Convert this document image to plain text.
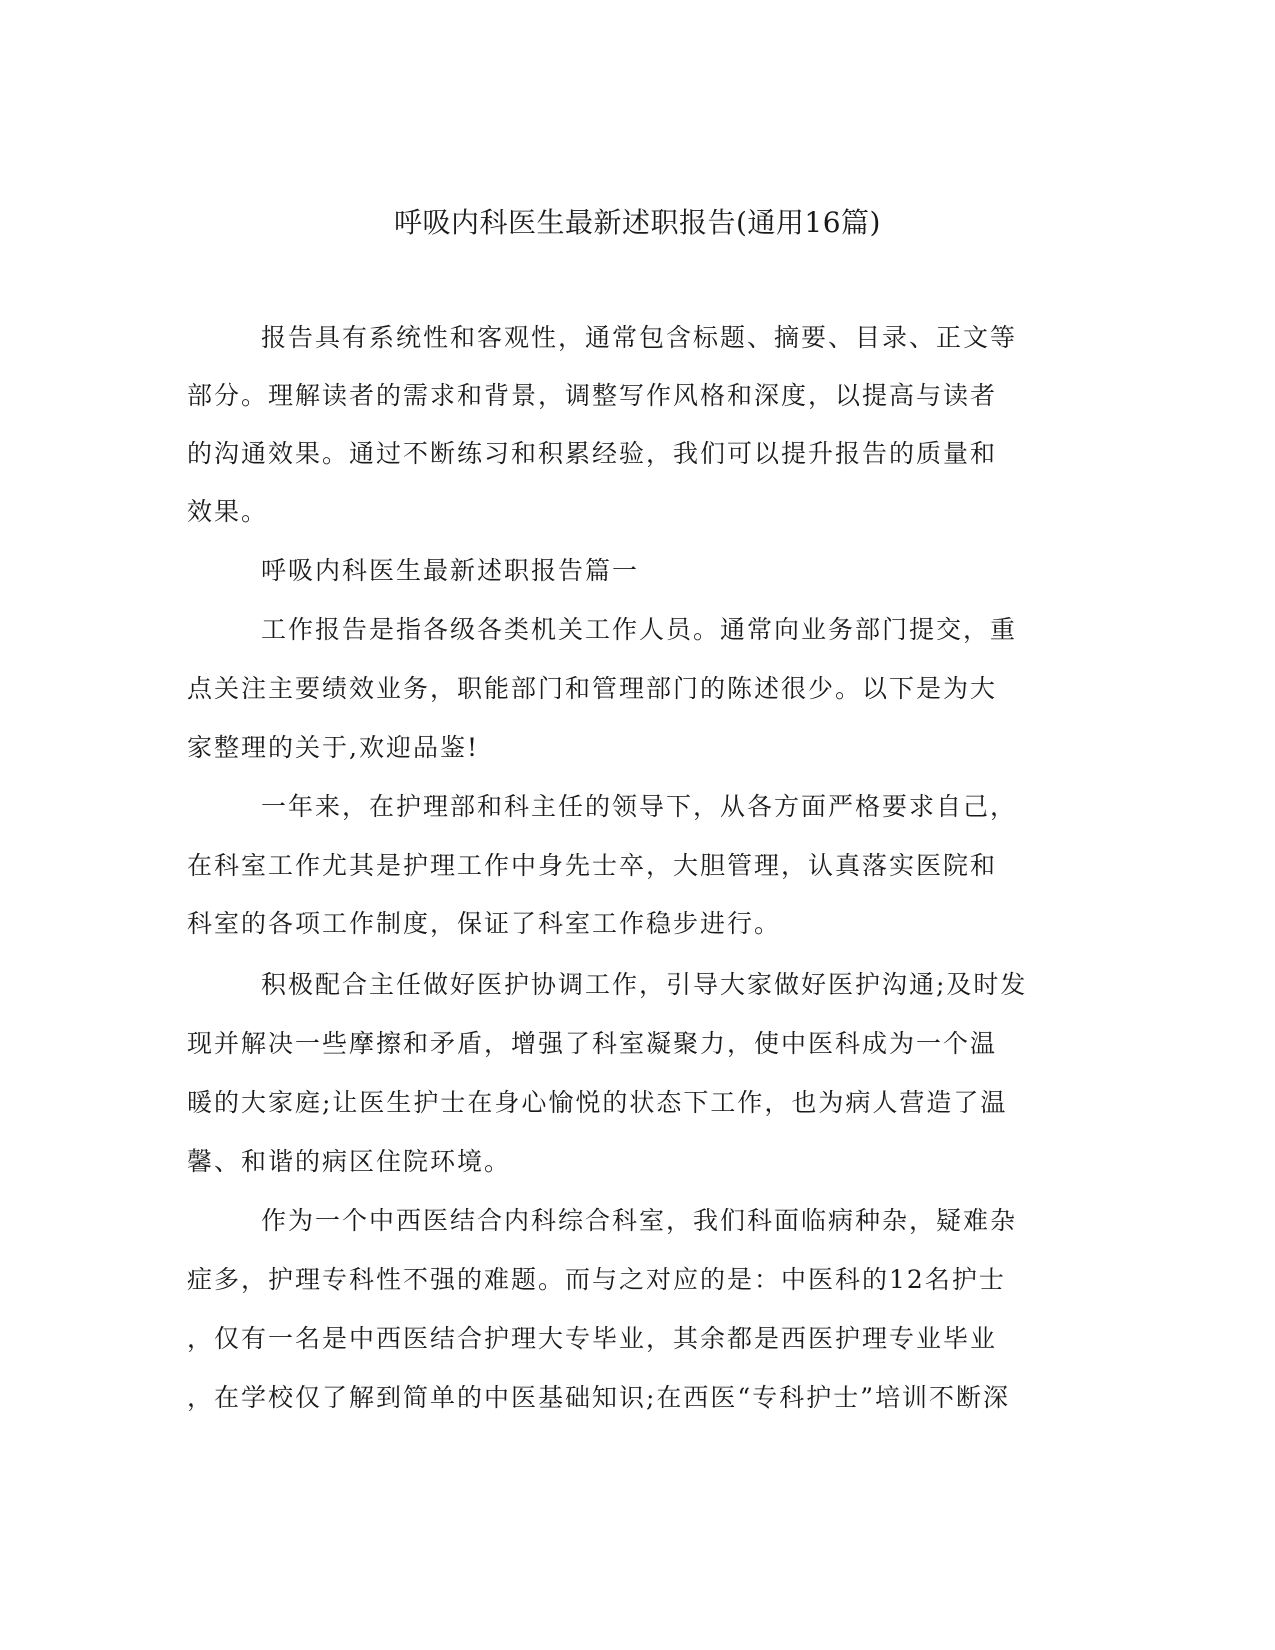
呼吸内科医生最新述职报告(通用16篇)

报告具有系统性和客观性，通常包含标题、摘要、目录、正文等

部分。理解读者的需求和背景，调整写作风格和深度，以提高与读者

的沟通效果。通过不断练习和积累经验，我们可以提升报告的质量和

效果。

呼吸内科医生最新述职报告篇一

工作报告是指各级各类机关工作人员。通常向业务部门提交，重

点关注主要绩效业务，职能部门和管理部门的陈述很少。以下是为大

家整理的关于,欢迎品鉴!

一年来，在护理部和科主任的领导下，从各方面严格要求自己，

在科室工作尤其是护理工作中身先士卒，大胆管理，认真落实医院和

科室的各项工作制度，保证了科室工作稳步进行。

积极配合主任做好医护协调工作，引导大家做好医护沟通;及时发

现并解决一些摩擦和矛盾，增强了科室凝聚力，使中医科成为一个温

暖的大家庭;让医生护士在身心愉悦的状态下工作，也为病人营造了温

馨、和谐的病区住院环境。

作为一个中西医结合内科综合科室，我们科面临病种杂，疑难杂

症多，护理专科性不强的难题。而与之对应的是：中医科的12名护士

，仅有一名是中西医结合护理大专毕业，其余都是西医护理专业毕业

，在学校仅了解到简单的中医基础知识;在西医“专科护士”培训不断深
